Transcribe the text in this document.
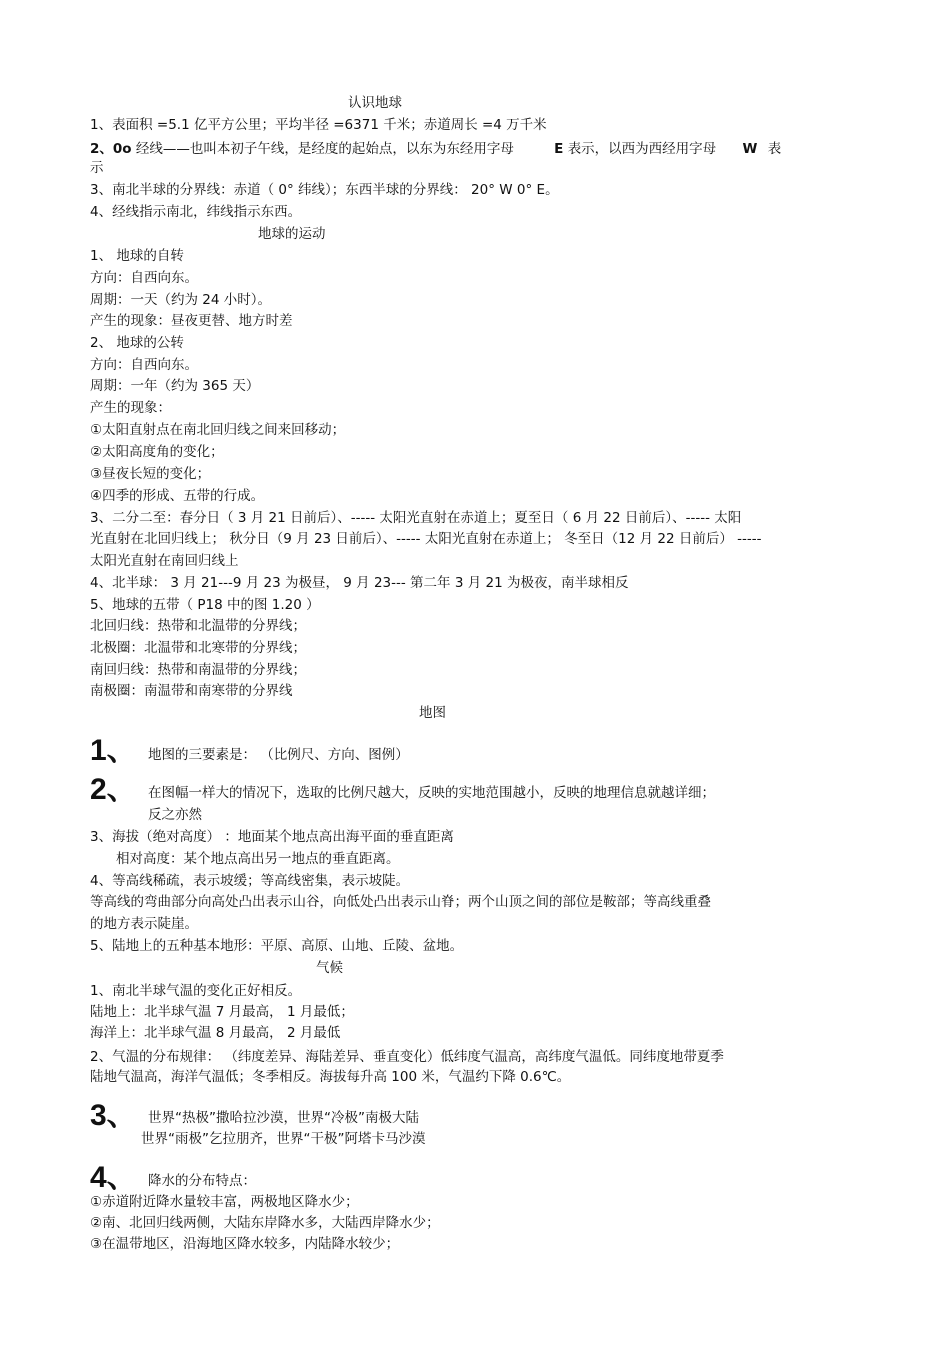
认识地球
1、表面积 =5.1 亿平方公里；平均半径 =6371 千米；赤道周长 =4 万千米
2、0o 经线——也叫本初子午线，是经度的起始点，以东为东经用字母	E 表示，以西为西经用字母 W 表
示
3、南北半球的分界线：赤道（ 0° 纬线）；东西半球的分界线： 20° W 0° E。
4、经线指示南北，纬线指示东西。
地球的运动
1、 地球的自转
方向：自西向东。
周期：一天（约为 24 小时）。
产生的现象：昼夜更替、地方时差
2、 地球的公转
方向：自西向东。
周期：一年（约为 365 天）
产生的现象：
①太阳直射点在南北回归线之间来回移动；
②太阳高度角的变化；
③昼夜长短的变化；
④四季的形成、五带的行成。
3、二分二至：春分日（ 3 月 21 日前后）、----- 太阳光直射在赤道上；夏至日（ 6 月 22 日前后）、----- 太阳
光直射在北回归线上； 秋分日（9 月 23 日前后）、----- 太阳光直射在赤道上； 冬至日（12 月 22 日前后） -----
太阳光直射在南回归线上
4、北半球： 3 月 21---9 月 23 为极昼， 9 月 23--- 第二年 3 月 21 为极夜，南半球相反
5、地球的五带（ P18 中的图 1.20 ）
北回归线：热带和北温带的分界线；
北极圈：北温带和北寒带的分界线；
南回归线：热带和南温带的分界线；
南极圈：南温带和南寒带的分界线
地图
1、 地图的三要素是： （比例尺、方向、图例）
2、 在图幅一样大的情况下，选取的比例尺越大，反映的实地范围越小，反映的地理信息就越详细；
反之亦然
3、海拔（绝对高度） ：地面某个地点高出海平面的垂直距离
相对高度：某个地点高出另一地点的垂直距离。
4、等高线稀疏，表示坡缓；等高线密集，表示坡陡。
等高线的弯曲部分向高处凸出表示山谷，向低处凸出表示山脊；两个山顶之间的部位是鞍部；等高线重叠
的地方表示陡崖。
5、陆地上的五种基本地形：平原、高原、山地、丘陵、盆地。
气候
1、南北半球气温的变化正好相反。
陆地上：北半球气温 7 月最高， 1 月最低；
海洋上：北半球气温 8 月最高， 2 月最低
2、气温的分布规律： （纬度差异、海陆差异、垂直变化）低纬度气温高，高纬度气温低。同纬度地带夏季
陆地气温高，海洋气温低；冬季相反。海拔每升高 100 米，气温约下降 0.6℃。
3、 世界“热极”撒哈拉沙漠，世界“冷极”南极大陆
世界“雨极”乞拉朋齐，世界“干极”阿塔卡马沙漠
4、 降水的分布特点：
①赤道附近降水量较丰富，两极地区降水少；
②南、北回归线两侧，大陆东岸降水多，大陆西岸降水少；
③在温带地区，沿海地区降水较多，内陆降水较少；
